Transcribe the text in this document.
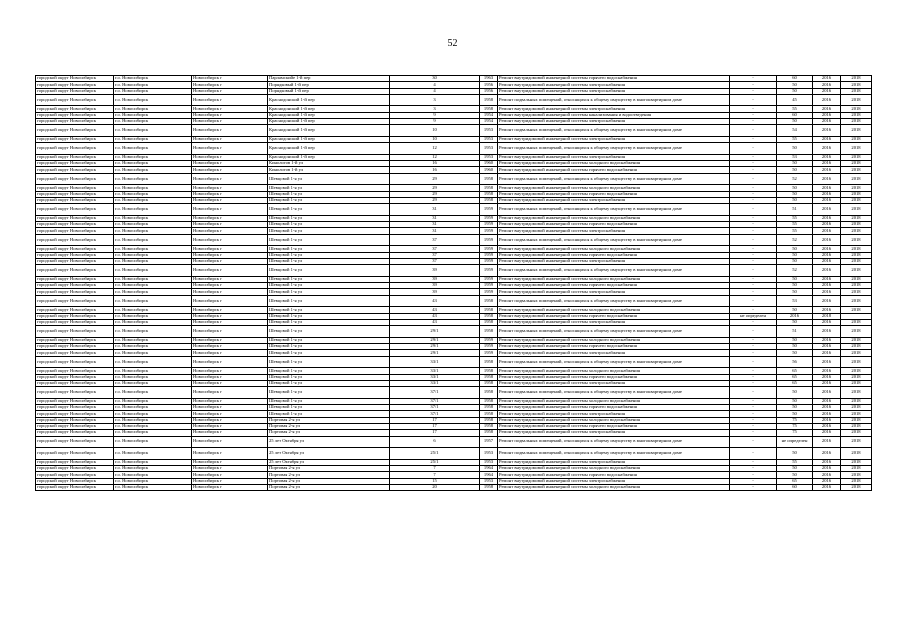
52
городской округ Новосибирск	г.о. Новосибирск	Новосибирск г	Парламскийе 1-й пер	30	1963	Ремонт внутридомовой инженерной системы горячего водоснабжения	-	60	2016	2018
городской округ Новосибирск	г.о. Новосибирск	Новосибирск г	Порядковый 1-й пер	4	1956	Ремонт внутридомовой инженерной системы электроснабжения	-	50	2016	2018
городской округ Новосибирск	г.о. Новосибирск	Новосибирск г	Порядковый 1-й пер	4	1956	Ремонт внутридомовой инженерной системы электроснабжения	-	50	2016	2018
городской округ Новосибирск	г.о. Новосибирск	Новосибирск г	Краснодонский 1-й пер	3	1958	Ремонт подвальных помещений, относящихся к общему имуществу в многоквартирном доме	-	45	2016	2018
городской округ Новосибирск	г.о. Новосибирск	Новосибирск г	Краснодонский 1-й пер	3	1958	Ремонт внутридомовой инженерной системы электроснабжения	-	55	2016	2018
городской округ Новосибирск	г.о. Новосибирск	Новосибирск г	Краснодонский 1-й пер	9	1954	Ремонт внутридомовой инженерной системы канализования и водоотведения	-	60	2016	2018
городской округ Новосибирск	г.о. Новосибирск	Новосибирск г	Краснодонский 1-й пер	9	1954	Ремонт внутридомовой инженерной системы электроснабжения	-	50	2016	2018
городской округ Новосибирск	г.о. Новосибирск	Новосибирск г	Краснодонский 1-й пер	10	1953	Ремонт подвальных помещений, относящихся к общему имуществу в многоквартирном доме	-	54	2016	2018
городской округ Новосибирск	г.о. Новосибирск	Новосибирск г	Краснодонский 1-й пер	10	1953	Ремонт внутридомовой инженерной системы электроснабжения	-	55	2016	2018
городской округ Новосибирск	г.о. Новосибирск	Новосибирск г	Краснодонский 1-й пер	12	1953	Ремонт подвальных помещений, относящихся к общему имуществу в многоквартирном доме	-	50	2016	2018
городской округ Новосибирск	г.о. Новосибирск	Новосибирск г	Краснодонский 1-й пер	12	1953	Ремонт внутридомовой инженерной системы электроснабжения	-	53	2016	2018
городской округ Новосибирск	г.о. Новосибирск	Новосибирск г	Кинологов 1-й ул	16	1960	Ремонт внутридомовой инженерной системы холодного водоснабжения	-	50	2016	2018
городской округ Новосибирск	г.о. Новосибирск	Новосибирск г	Кинологов 1-й ул	16	1960	Ремонт внутридомовой инженерной системы горячего водоснабжения	-	50	2016	2018
городской округ Новосибирск	г.о. Новосибирск	Новосибирск г	Шевцовой 1-я ул	29	1958	Ремонт подвальных помещений, относящихся к общему имуществу в многоквартирном доме	-	52	2016	2018
городской округ Новосибирск	г.о. Новосибирск	Новосибирск г	Шевцовой 1-я ул	29	1958	Ремонт внутридомовой инженерной системы холодного водоснабжения	-	50	2016	2018
городской округ Новосибирск	г.о. Новосибирск	Новосибирск г	Шевцовой 1-я ул	29	1958	Ремонт внутридомовой инженерной системы горячего водоснабжения	-	50	2016	2018
городской округ Новосибирск	г.о. Новосибирск	Новосибирск г	Шевцовой 1-я ул	29	1958	Ремонт внутридомовой инженерной системы электроснабжения	-	50	2016	2018
городской округ Новосибирск	г.о. Новосибирск	Новосибирск г	Шевцовой 1-я ул	31	1959	Ремонт подвальных помещений, относящихся к общему имуществу в многоквартирном доме	-	51	2016	2018
городской округ Новосибирск	г.о. Новосибирск	Новосибирск г	Шевцовой 1-я ул	31	1959	Ремонт внутридомовой инженерной системы холодного водоснабжения	-	55	2016	2018
городской округ Новосибирск	г.о. Новосибирск	Новосибирск г	Шевцовой 1-я ул	31	1959	Ремонт внутридомовой инженерной системы горячего водоснабжения	-	55	2016	2018
городской округ Новосибирск	г.о. Новосибирск	Новосибирск г	Шевцовой 1-я ул	31	1959	Ремонт внутридомовой инженерной системы электроснабжения	-	55	2016	2018
городской округ Новосибирск	г.о. Новосибирск	Новосибирск г	Шевцовой 1-я ул	37	1959	Ремонт подвальных помещений, относящихся к общему имуществу в многоквартирном доме	-	52	2016	2018
городской округ Новосибирск	г.о. Новосибирск	Новосибирск г	Шевцовой 1-я ул	37	1959	Ремонт внутридомовой инженерной системы холодного водоснабжения	-	50	2016	2018
городской округ Новосибирск	г.о. Новосибирск	Новосибирск г	Шевцовой 1-я ул	37	1959	Ремонт внутридомовой инженерной системы горячего водоснабжения	-	50	2016	2018
городской округ Новосибирск	г.о. Новосибирск	Новосибирск г	Шевцовой 1-я ул	37	1959	Ремонт внутридомовой инженерной системы электроснабжения	-	50	2016	2018
городской округ Новосибирск	г.о. Новосибирск	Новосибирск г	Шевцовой 1-я ул	39	1959	Ремонт подвальных помещений, относящихся к общему имуществу в многоквартирном доме	-	52	2016	2018
городской округ Новосибирск	г.о. Новосибирск	Новосибирск г	Шевцовой 1-я ул	39	1959	Ремонт внутридомовой инженерной системы холодного водоснабжения	-	50	2016	2018
городской округ Новосибирск	г.о. Новосибирск	Новосибирск г	Шевцовой 1-я ул	39	1959	Ремонт внутридомовой инженерной системы горячего водоснабжения	-	50	2016	2018
городской округ Новосибирск	г.о. Новосибирск	Новосибирск г	Шевцовой 1-я ул	39	1959	Ремонт внутридомовой инженерной системы электроснабжения	-	50	2016	2018
городской округ Новосибирск	г.о. Новосибирск	Новосибирск г	Шевцовой 1-я ул	43	1958	Ремонт подвальных помещений, относящихся к общему имуществу в многоквартирном доме	-	53	2016	2018
городской округ Новосибирск	г.о. Новосибирск	Новосибирск г	Шевцовой 1-я ул	43	1958	Ремонт внутридомовой инженерной системы холодного водоснабжения	-	50	2016	2018
городской округ Новосибирск	г.о. Новосибирск	Новосибирск г	Шевцовой 1-я ул	43	1958	Ремонт внутридомовой инженерной системы горячего водоснабжения	не определен	2016	2018	
городской округ Новосибирск	г.о. Новосибирск	Новосибирск г	Шевцовой 1-я ул	43	1958	Ремонт внутридомовой инженерной системы электроснабжения	-	50	2016	2018
городской округ Новосибирск	г.о. Новосибирск	Новосибирск г	Шевцовой 1-я ул	29/1	1958	Ремонт подвальных помещений, относящихся к общему имуществу в многоквартирном доме	-	51	2016	2018
городской округ Новосибирск	г.о. Новосибирск	Новосибирск г	Шевцовой 1-я ул	29/1	1959	Ремонт внутридомовой инженерной системы холодного водоснабжения	-	50	2016	2018
городской округ Новосибирск	г.о. Новосибирск	Новосибирск г	Шевцовой 1-я ул	29/1	1959	Ремонт внутридомовой инженерной системы горячего водоснабжения	-	50	2016	2018
городской округ Новосибирск	г.о. Новосибирск	Новосибирск г	Шевцовой 1-я ул	29/1	1959	Ремонт внутридомовой инженерной системы электроснабжения	-	50	2016	2018
городской округ Новосибирск	г.о. Новосибирск	Новосибирск г	Шевцовой 1-я ул	33/1	1958	Ремонт подвальных помещений, относящихся к общему имуществу в многоквартирном доме	-	56	2016	2018
городской округ Новосибирск	г.о. Новосибирск	Новосибирск г	Шевцовой 1-я ул	33/1	1958	Ремонт внутридомовой инженерной системы холодного водоснабжения	-	65	2016	2018
городской округ Новосибирск	г.о. Новосибирск	Новосибирск г	Шевцовой 1-я ул	33/1	1958	Ремонт внутридомовой инженерной системы горячего водоснабжения	-	65	2016	2018
городской округ Новосибирск	г.о. Новосибирск	Новосибирск г	Шевцовой 1-я ул	33/1	1958	Ремонт внутридомовой инженерной системы электроснабжения	-	65	2016	2018
городской округ Новосибирск	г.о. Новосибирск	Новосибирск г	Шевцовой 1-я ул	37/1	1958	Ремонт подвальных помещений, относящихся к общему имуществу в многоквартирном доме	-	50	2016	2018
городской округ Новосибирск	г.о. Новосибирск	Новосибирск г	Шевцовой 1-я ул	37/1	1958	Ремонт внутридомовой инженерной системы холодного водоснабжения	-	50	2016	2018
городской округ Новосибирск	г.о. Новосибирск	Новосибирск г	Шевцовой 1-я ул	37/1	1958	Ремонт внутридомовой инженерной системы горячего водоснабжения	-	50	2016	2018
городской округ Новосибирск	г.о. Новосибирск	Новосибирск г	Шевцовой 1-я ул	37/1	1958	Ремонт внутридомовой инженерной системы электроснабжения	-	50	2016	2018
городской округ Новосибирск	г.о. Новосибирск	Новосибирск г	Портовая 2-я ул	17	1958	Ремонт внутридомовой инженерной системы холодного водоснабжения	-	75	2016	2018
городской округ Новосибирск	г.о. Новосибирск	Новосибирск г	Портовая 2-я ул	17	1958	Ремонт внутридомовой инженерной системы горячего водоснабжения	-	75	2016	2018
городской округ Новосибирск	г.о. Новосибирск	Новосибирск г	Портовая 2-я ул	17	1958	Ремонт внутридомовой инженерной системы электроснабжения	-	75	2016	2018
городской округ Новосибирск	г.о. Новосибирск	Новосибирск г	25 лет Октября ул	6	1957	Ремонт подвальных помещений, относящихся к общему имуществу в многоквартирном доме	-	не определен	2016	2018
городской округ Новосибирск	г.о. Новосибирск	Новосибирск г	25 лет Октября ул	25/1	1953	Ремонт подвальных помещений, относящихся к общему имуществу в многоквартирном доме	-	50	2016	2018
городской округ Новосибирск	г.о. Новосибирск	Новосибирск г	25 лет Октября ул	25/1	1953	Ремонт внутридомовой инженерной системы электроснабжения	-	55	2016	2018
городской округ Новосибирск	г.о. Новосибирск	Новосибирск г	Портовая 2-я ул	7	1964	Ремонт внутридомовой инженерной системы холодного водоснабжения	-	50	2016	2018
городской округ Новосибирск	г.о. Новосибирск	Новосибирск г	Портовая 2-я ул	7	1964	Ремонт внутридомовой инженерной системы горячего водоснабжения	-	50	2016	2018
городской округ Новосибирск	г.о. Новосибирск	Новосибирск г	Портовая 2-я ул	15	1953	Ремонт внутридомовой инженерной системы электроснабжения	-	65	2016	2018
городской округ Новосибирск	г.о. Новосибирск	Новосибирск г	Портовая 2-я ул	20	1958	Ремонт внутридомовой инженерной системы холодного водоснабжения	-	60	2016	2018
